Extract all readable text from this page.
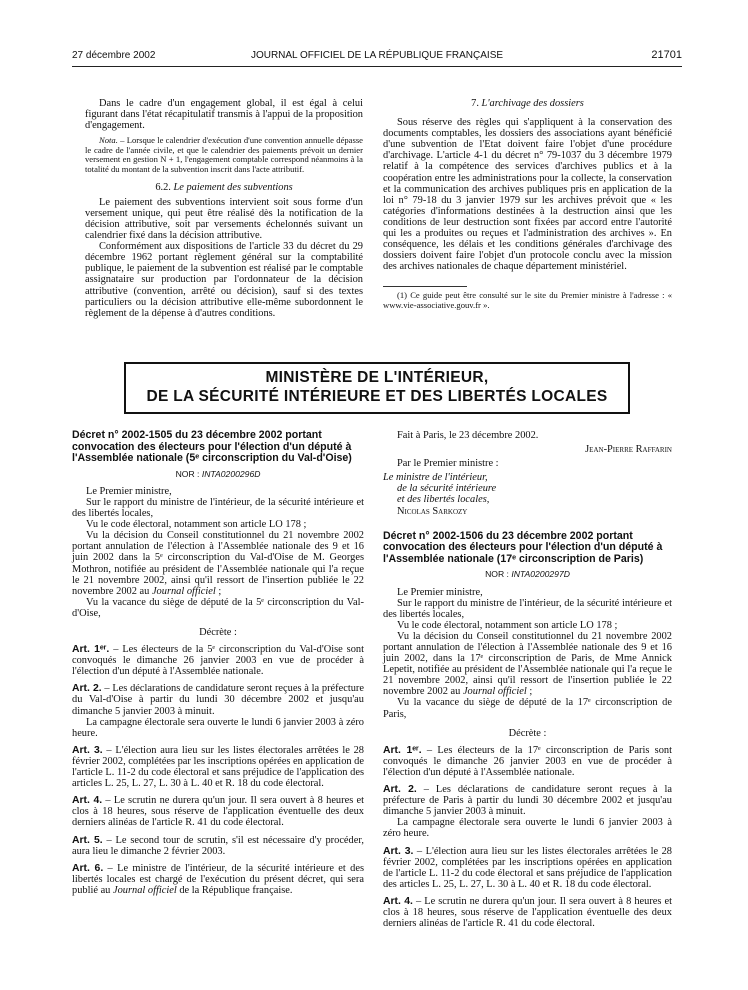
27 décembre 2002	JOURNAL OFFICIEL DE LA RÉPUBLIQUE FRANÇAISE	21701

Dans le cadre d'un engagement global, il est égal à celui figurant dans l'état récapitulatif transmis à l'appui de la proposition d'engagement.

Nota. – Lorsque le calendrier d'exécution d'une convention annuelle dépasse le cadre de l'année civile, et que le calendrier des paiements prévoit un dernier versement en gestion N + 1, l'engagement comptable correspond néanmoins à la totalité du montant de la subvention inscrit dans l'acte attributif.

6.2. Le paiement des subventions

Le paiement des subventions intervient soit sous forme d'un versement unique, qui peut être réalisé dès la notification de la décision attributive, soit par versements échelonnés suivant un calendrier fixé dans la décision attributive.

Conformément aux dispositions de l'article 33 du décret du 29 décembre 1962 portant règlement général sur la comptabilité publique, le paiement de la subvention est réalisé par le comptable assignataire sur production par l'ordonnateur de la décision attributive (convention, arrêté ou décision), sauf si des textes particuliers ou la décision attributive elle-même subordonnent le règlement de la dépense à d'autres conditions.

7. L'archivage des dossiers

Sous réserve des règles qui s'appliquent à la conservation des documents comptables, les dossiers des associations ayant bénéficié d'une subvention de l'Etat doivent faire l'objet d'une procédure d'archivage. L'article 4-1 du décret n° 79-1037 du 3 décembre 1979 relatif à la compétence des services d'archives publics et à la coopération entre les administrations pour la collecte, la conservation et la communication des archives publiques pris en application de la loi n° 79-18 du 3 janvier 1979 sur les archives prévoit que « les catégories d'informations destinées à la destruction ainsi que les conditions de leur destruction sont fixées par accord entre l'autorité qui les a produites ou reçues et l'administration des archives ». En conséquence, les délais et les conditions générales d'archivage des dossiers doivent faire l'objet d'un protocole conclu avec la mission des archives nationales de chaque département ministériel.

(1) Ce guide peut être consulté sur le site du Premier ministre à l'adresse : « www.vie-associative.gouv.fr ».

MINISTÈRE DE L'INTÉRIEUR,
DE LA SÉCURITÉ INTÉRIEURE ET DES LIBERTÉS LOCALES

Décret n° 2002-1505 du 23 décembre 2002 portant convocation des électeurs pour l'élection d'un député à l'Assemblée nationale (5ᵉ circonscription du Val-d'Oise)

NOR : INTA0200296D

Le Premier ministre,

Sur le rapport du ministre de l'intérieur, de la sécurité intérieure et des libertés locales,

Vu le code électoral, notamment son article LO 178 ;

Vu la décision du Conseil constitutionnel du 21 novembre 2002 portant annulation de l'élection à l'Assemblée nationale des 9 et 16 juin 2002 dans la 5ᵉ circonscription du Val-d'Oise de M. Georges Mothron, notifiée au président de l'Assemblée nationale qui l'a reçue le 21 novembre 2002, ainsi qu'il ressort de l'insertion publiée le 22 novembre 2002 au Journal officiel ;

Vu la vacance du siège de député de la 5ᵉ circonscription du Val-d'Oise,

Décrète :

Art. 1ᵉʳ. – Les électeurs de la 5ᵉ circonscription du Val-d'Oise sont convoqués le dimanche 26 janvier 2003 en vue de procéder à l'élection d'un député à l'Assemblée nationale.

Art. 2. – Les déclarations de candidature seront reçues à la préfecture du Val-d'Oise à partir du lundi 30 décembre 2002 et jusqu'au dimanche 5 janvier 2003 à minuit.

La campagne électorale sera ouverte le lundi 6 janvier 2003 à zéro heure.

Art. 3. – L'élection aura lieu sur les listes électorales arrêtées le 28 février 2002, complétées par les inscriptions opérées en application de l'article L. 11-2 du code électoral et sans préjudice de l'application des articles L. 25, L. 27, L. 30 à L. 40 et R. 18 du code électoral.

Art. 4. – Le scrutin ne durera qu'un jour. Il sera ouvert à 8 heures et clos à 18 heures, sous réserve de l'application éventuelle des deux derniers alinéas de l'article R. 41 du code électoral.

Art. 5. – Le second tour de scrutin, s'il est nécessaire d'y procéder, aura lieu le dimanche 2 février 2003.

Art. 6. – Le ministre de l'intérieur, de la sécurité intérieure et des libertés locales est chargé de l'exécution du présent décret, qui sera publié au Journal officiel de la République française.

Fait à Paris, le 23 décembre 2002.

Jean-Pierre Raffarin

Par le Premier ministre :

Le ministre de l'intérieur,

de la sécurité intérieure

et des libertés locales,

Nicolas Sarkozy

Décret n° 2002-1506 du 23 décembre 2002 portant convocation des électeurs pour l'élection d'un député à l'Assemblée nationale (17ᵉ circonscription de Paris)

NOR : INTA0200297D

Le Premier ministre,

Sur le rapport du ministre de l'intérieur, de la sécurité intérieure et des libertés locales,

Vu le code électoral, notamment son article LO 178 ;

Vu la décision du Conseil constitutionnel du 21 novembre 2002 portant annulation de l'élection à l'Assemblée nationale des 9 et 16 juin 2002, dans la 17ᵉ circonscription de Paris, de Mme Annick Lepetit, notifiée au président de l'Assemblée nationale qui l'a reçue le 21 novembre 2002, ainsi qu'il ressort de l'insertion publiée le 22 novembre 2002 au Journal officiel ;

Vu la vacance du siège de député de la 17ᵉ circonscription de Paris,

Décrète :

Art. 1ᵉʳ. – Les électeurs de la 17ᵉ circonscription de Paris sont convoqués le dimanche 26 janvier 2003 en vue de procéder à l'élection d'un député à l'Assemblée nationale.

Art. 2. – Les déclarations de candidature seront reçues à la préfecture de Paris à partir du lundi 30 décembre 2002 et jusqu'au dimanche 5 janvier 2003 à minuit.

La campagne électorale sera ouverte le lundi 6 janvier 2003 à zéro heure.

Art. 3. – L'élection aura lieu sur les listes électorales arrêtées le 28 février 2002, complétées par les inscriptions opérées en application de l'article L. 11-2 du code électoral et sans préjudice de l'application des articles L. 25, L. 27, L. 30 à L. 40 et R. 18 du code électoral.

Art. 4. – Le scrutin ne durera qu'un jour. Il sera ouvert à 8 heures et clos à 18 heures, sous réserve de l'application éventuelle des deux derniers alinéas de l'article R. 41 du code électoral.
